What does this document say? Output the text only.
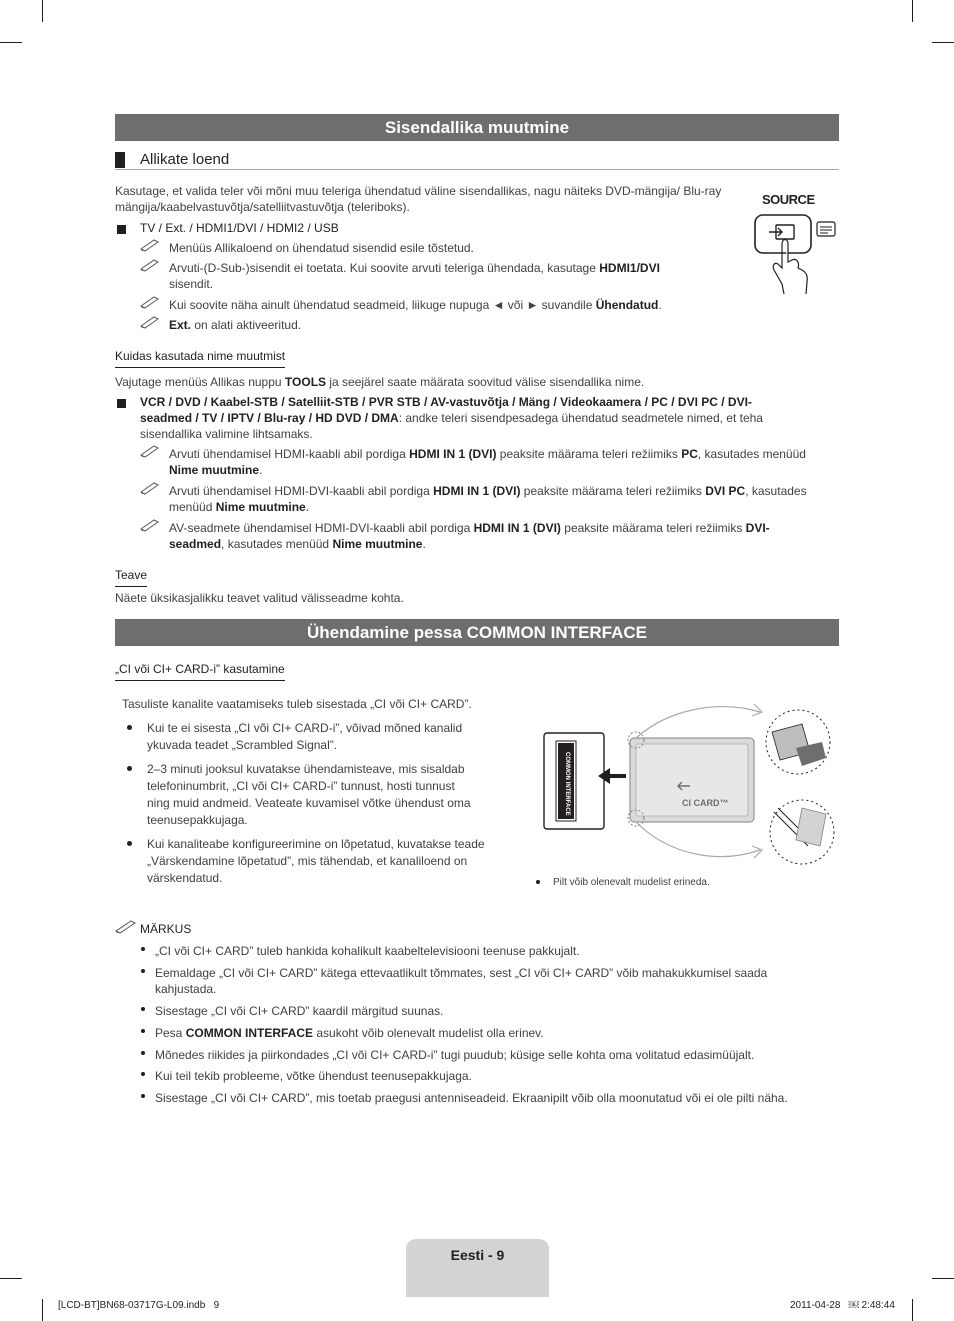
Sisendallika muutmine
Allikate loend
Kasutage, et valida teler või mõni muu teleriga ühendatud väline sisendallikas, nagu näiteks DVD-mängija/ Blu-ray mängija/kaabelvastuvõtja/satelliitvastuvõtja (teleriboks).
TV / Ext. / HDMI1/DVI / HDMI2 / USB
Menüüs Allikaloend on ühendatud sisendid esile tõstetud.
Arvuti-(D-Sub-)sisendit ei toetata. Kui soovite arvuti teleriga ühendada, kasutage HDMI1/DVI
sisendit.
Kui soovite näha ainult ühendatud seadmeid, liikuge nupuga ◄ või ► suvandile Ühendatud.
Ext. on alati aktiveeritud.
SOURCE
Kuidas kasutada nime muutmist
Vajutage menüüs Allikas nuppu TOOLS ja seejärel saate määrata soovitud välise sisendallika nime.
VCR / DVD / Kaabel-STB / Satelliit-STB / PVR STB / AV-vastuvõtja / Mäng / Videokaamera / PC / DVI PC / DVI-
seadmed / TV / IPTV / Blu-ray / HD DVD / DMA: andke teleri sisendpesadega ühendatud seadmetele nimed, et teha
sisendallika valimine lihtsamaks.
Arvuti ühendamisel HDMI-kaabli abil pordiga HDMI IN 1 (DVI) peaksite määrama teleri režiimiks PC, kasutades menüüd
Nime muutmine.
Arvuti ühendamisel HDMI-DVI-kaabli abil pordiga HDMI IN 1 (DVI) peaksite määrama teleri režiimiks DVI PC, kasutades
menüüd Nime muutmine.
AV-seadmete ühendamisel HDMI-DVI-kaabli abil pordiga HDMI IN 1 (DVI) peaksite määrama teleri režiimiks DVI-
seadmed, kasutades menüüd Nime muutmine.
Teave
Näete üksikasjalikku teavet valitud välisseadme kohta.
Ühendamine pessa COMMON INTERFACE
„CI või CI+ CARD-i” kasutamine
Tasuliste kanalite vaatamiseks tuleb sisestada „CI või CI+ CARD”.
Kui te ei sisesta „CI või CI+ CARD-i”, võivad mõned kanalid
ykuvada teadet „Scrambled Signal”.
2–3 minuti jooksul kuvatakse ühendamisteave, mis sisaldab
telefoninumbrit, „CI või CI+ CARD-i” tunnust, hosti tunnust
ning muid andmeid. Veateate kuvamisel võtke ühendust oma
teenusepakkujaga.
Kui kanaliteabe konfigureerimine on lõpetatud, kuvatakse teade
„Värskendamine lõpetatud”, mis tähendab, et kanaliloend on
värskendatud.
COMMON INTERFACE	CI CARD™
Pilt võib olenevalt mudelist erineda.
MÄRKUS
„CI või CI+ CARD” tuleb hankida kohalikult kaabeltelevisiooni teenuse pakkujalt.
Eemaldage „CI või CI+ CARD” kätega ettevaatlikult tõmmates, sest „CI või CI+ CARD” võib mahakukkumisel saada
kahjustada.
Sisestage „CI või CI+ CARD” kaardil märgitud suunas.
Pesa COMMON INTERFACE asukoht võib olenevalt mudelist olla erinev.
Mõnedes riikides ja piirkondades „CI või CI+ CARD-i” tugi puudub; küsige selle kohta oma volitatud edasimüüjalt.
Kui teil tekib probleeme, võtke ühendust teenusepakkujaga.
Sisestage „CI või CI+ CARD”, mis toetab praegusi antenniseadeid. Ekraanipilt võib olla moonutatud või ei ole pilti näha.
Eesti - 9
[LCD-BT]BN68-03717G-L09.indb   9	2011-04-28   ￼ 2:48:44
